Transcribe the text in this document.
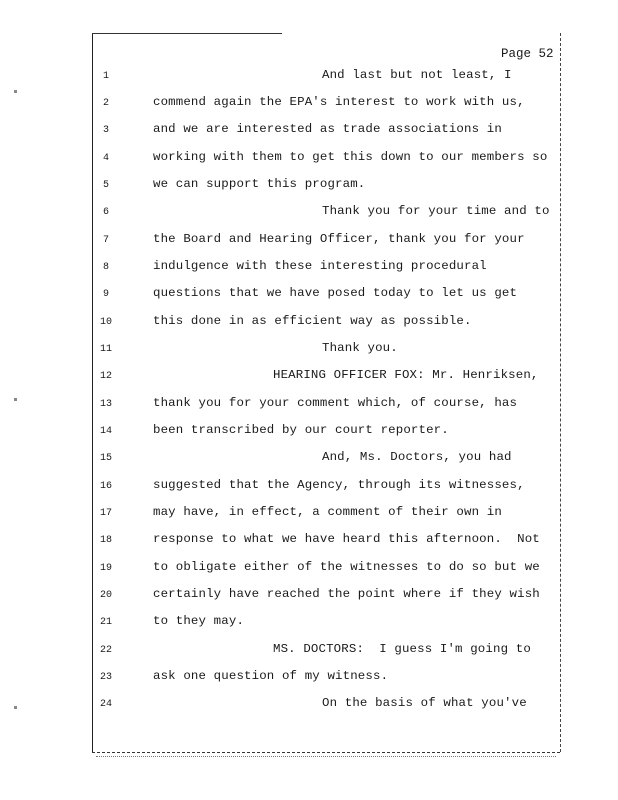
Page 52
1	And last but not least, I
2	commend again the EPA's interest to work with us,
3	and we are interested as trade associations in
4	working with them to get this down to our members so
5	we can support this program.
6	Thank you for your time and to
7	the Board and Hearing Officer, thank you for your
8	indulgence with these interesting procedural
9	questions that we have posed today to let us get
10	this done in as efficient way as possible.
11	Thank you.
12	HEARING OFFICER FOX: Mr. Henriksen,
13	thank you for your comment which, of course, has
14	been transcribed by our court reporter.
15	And, Ms. Doctors, you had
16	suggested that the Agency, through its witnesses,
17	may have, in effect, a comment of their own in
18	response to what we have heard this afternoon.  Not
19	to obligate either of the witnesses to do so but we
20	certainly have reached the point where if they wish
21	to they may.
22	MS. DOCTORS:  I guess I'm going to
23	ask one question of my witness.
24	On the basis of what you've
